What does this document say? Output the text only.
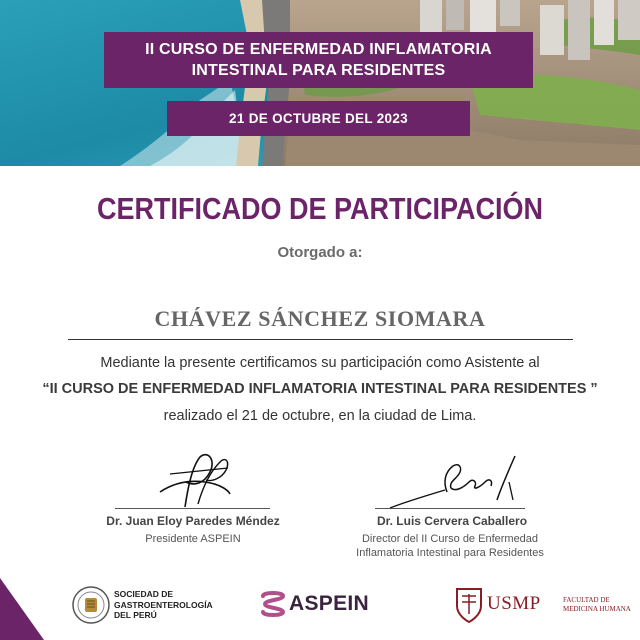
II CURSO DE ENFERMEDAD INFLAMATORIA
INTESTINAL PARA RESIDENTES
21 DE OCTUBRE DEL 2023
CERTIFICADO DE PARTICIPACIÓN
Otorgado a:
CHÁVEZ SÁNCHEZ SIOMARA
Mediante la presente certificamos su participación como Asistente al
“II CURSO DE ENFERMEDAD INFLAMATORIA INTESTINAL PARA RESIDENTES ”
realizado el 21 de octubre, en la ciudad de Lima.
Dr. Juan Eloy Paredes Méndez
Presidente ASPEIN
Dr. Luis Cervera Caballero
Director del II Curso de Enfermedad
Inflamatoria Intestinal para Residentes
SOCIEDAD DE
GASTROENTEROLOGÍA
DEL PERÚ	ASPEIN	USMP	FACULTAD DE
MEDICINA HUMANA
